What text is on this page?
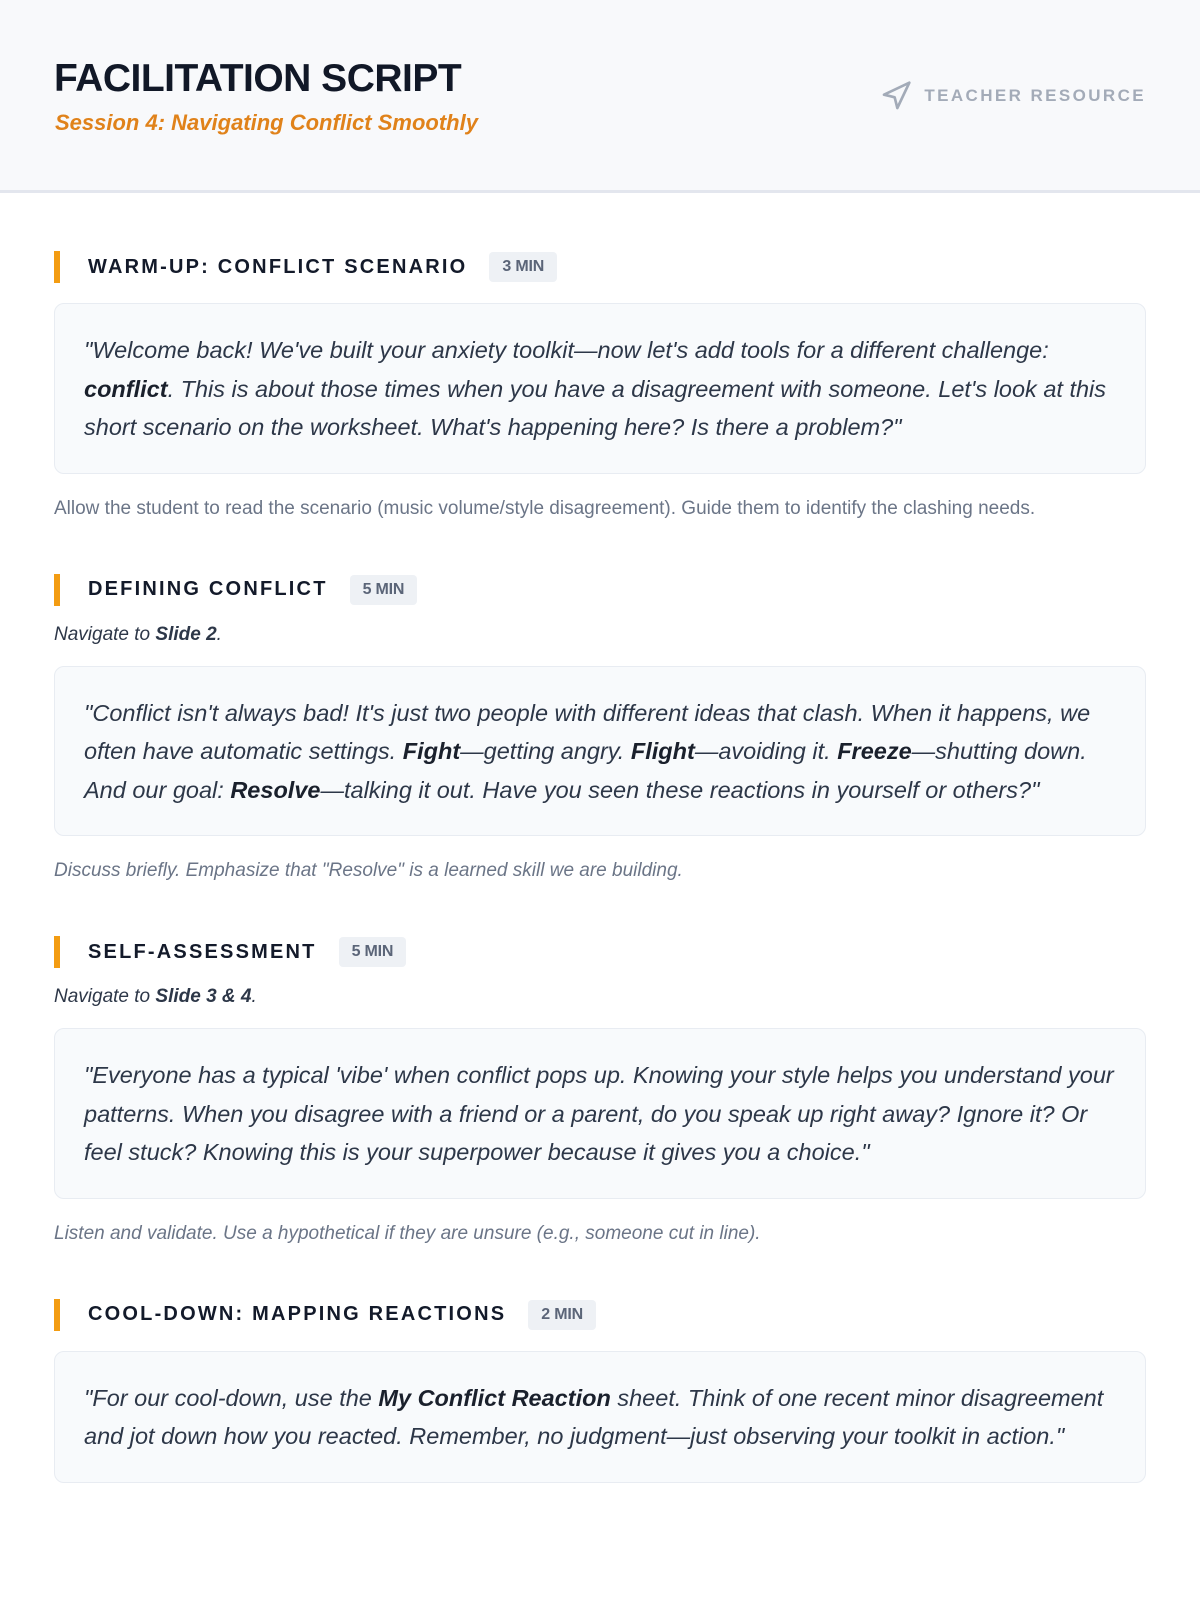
FACILITATION SCRIPT
Session 4: Navigating Conflict Smoothly
TEACHER RESOURCE
WARM-UP: CONFLICT SCENARIO	3 MIN
"Welcome back! We've built your anxiety toolkit—now let's add tools for a different challenge: conflict. This is about those times when you have a disagreement with someone. Let's look at this short scenario on the worksheet. What's happening here? Is there a problem?"
Allow the student to read the scenario (music volume/style disagreement). Guide them to identify the clashing needs.
DEFINING CONFLICT	5 MIN
Navigate to Slide 2.
"Conflict isn't always bad! It's just two people with different ideas that clash. When it happens, we often have automatic settings. Fight—getting angry. Flight—avoiding it. Freeze—shutting down. And our goal: Resolve—talking it out. Have you seen these reactions in yourself or others?"
Discuss briefly. Emphasize that "Resolve" is a learned skill we are building.
SELF-ASSESSMENT	5 MIN
Navigate to Slide 3 & 4.
"Everyone has a typical 'vibe' when conflict pops up. Knowing your style helps you understand your patterns. When you disagree with a friend or a parent, do you speak up right away? Ignore it? Or feel stuck? Knowing this is your superpower because it gives you a choice."
Listen and validate. Use a hypothetical if they are unsure (e.g., someone cut in line).
COOL-DOWN: MAPPING REACTIONS	2 MIN
"For our cool-down, use the My Conflict Reaction sheet. Think of one recent minor disagreement and jot down how you reacted. Remember, no judgment—just observing your toolkit in action."
